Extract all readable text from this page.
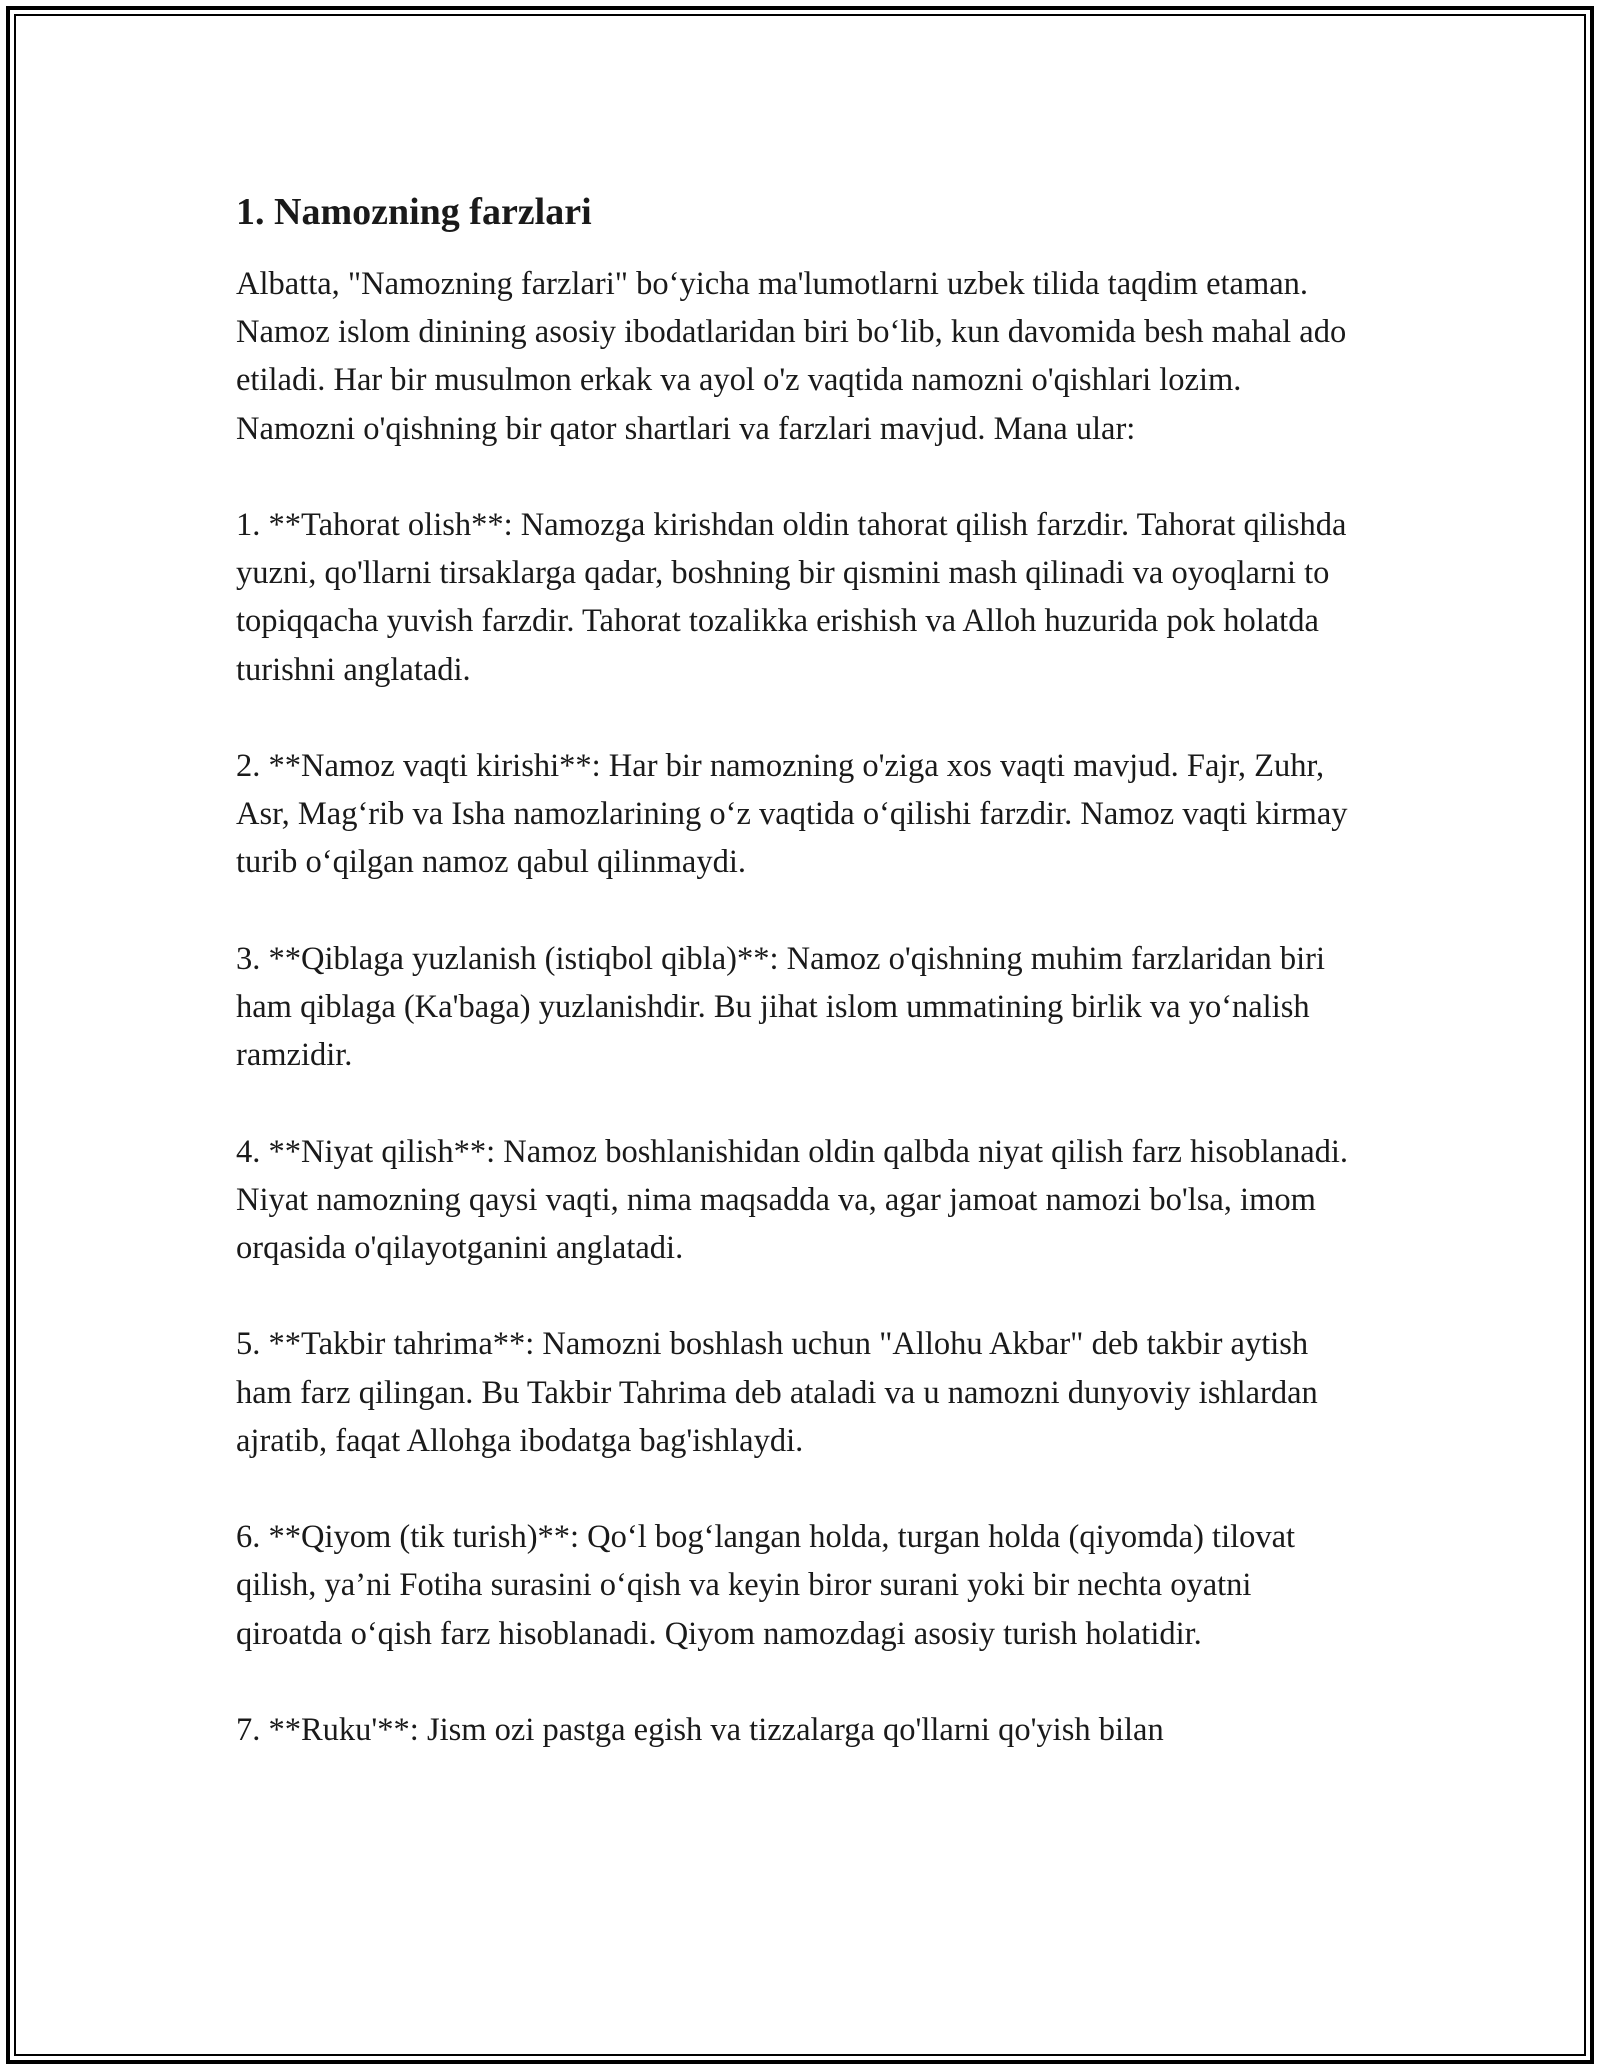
1. Namozning farzlari

Albatta, "Namozning farzlari" bo‘yicha ma'lumotlarni uzbek tilida taqdim etaman. Namoz islom dinining asosiy ibodatlaridan biri bo‘lib, kun davomida besh mahal ado etiladi. Har bir musulmon erkak va ayol o'z vaqtida namozni o'qishlari lozim. Namozni o'qishning bir qator shartlari va farzlari mavjud. Mana ular:

1. **Tahorat olish**: Namozga kirishdan oldin tahorat qilish farzdir. Tahorat qilishda yuzni, qo'llarni tirsaklarga qadar, boshning bir qismini mash qilinadi va oyoqlarni to topiqqacha yuvish farzdir. Tahorat tozalikka erishish va Alloh huzurida pok holatda turishni anglatadi.

2. **Namoz vaqti kirishi**: Har bir namozning o'ziga xos vaqti mavjud. Fajr, Zuhr, Asr, Mag‘rib va Isha namozlarining o‘z vaqtida o‘qilishi farzdir. Namoz vaqti kirmay turib o‘qilgan namoz qabul qilinmaydi.

3. **Qiblaga yuzlanish (istiqbol qibla)**: Namoz o'qishning muhim farzlaridan biri ham qiblaga (Ka'baga) yuzlanishdir. Bu jihat islom ummatining birlik va yo‘nalish ramzidir.

4. **Niyat qilish**: Namoz boshlanishidan oldin qalbda niyat qilish farz hisoblanadi. Niyat namozning qaysi vaqti, nima maqsadda va, agar jamoat namozi bo'lsa, imom orqasida o'qilayotganini anglatadi.

5. **Takbir tahrima**: Namozni boshlash uchun "Allohu Akbar" deb takbir aytish ham farz qilingan. Bu Takbir Tahrima deb ataladi va u namozni dunyoviy ishlardan ajratib, faqat Allohga ibodatga bag'ishlaydi.

6. **Qiyom (tik turish)**: Qo‘l bog‘langan holda, turgan holda (qiyomda) tilovat qilish, ya’ni Fotiha surasini o‘qish va keyin biror surani yoki bir nechta oyatni qiroatda o‘qish farz hisoblanadi. Qiyom namozdagi asosiy turish holatidir.

7. **Ruku'**: Jism ozi pastga egish va tizzalarga qo'llarni qo'yish bilan
